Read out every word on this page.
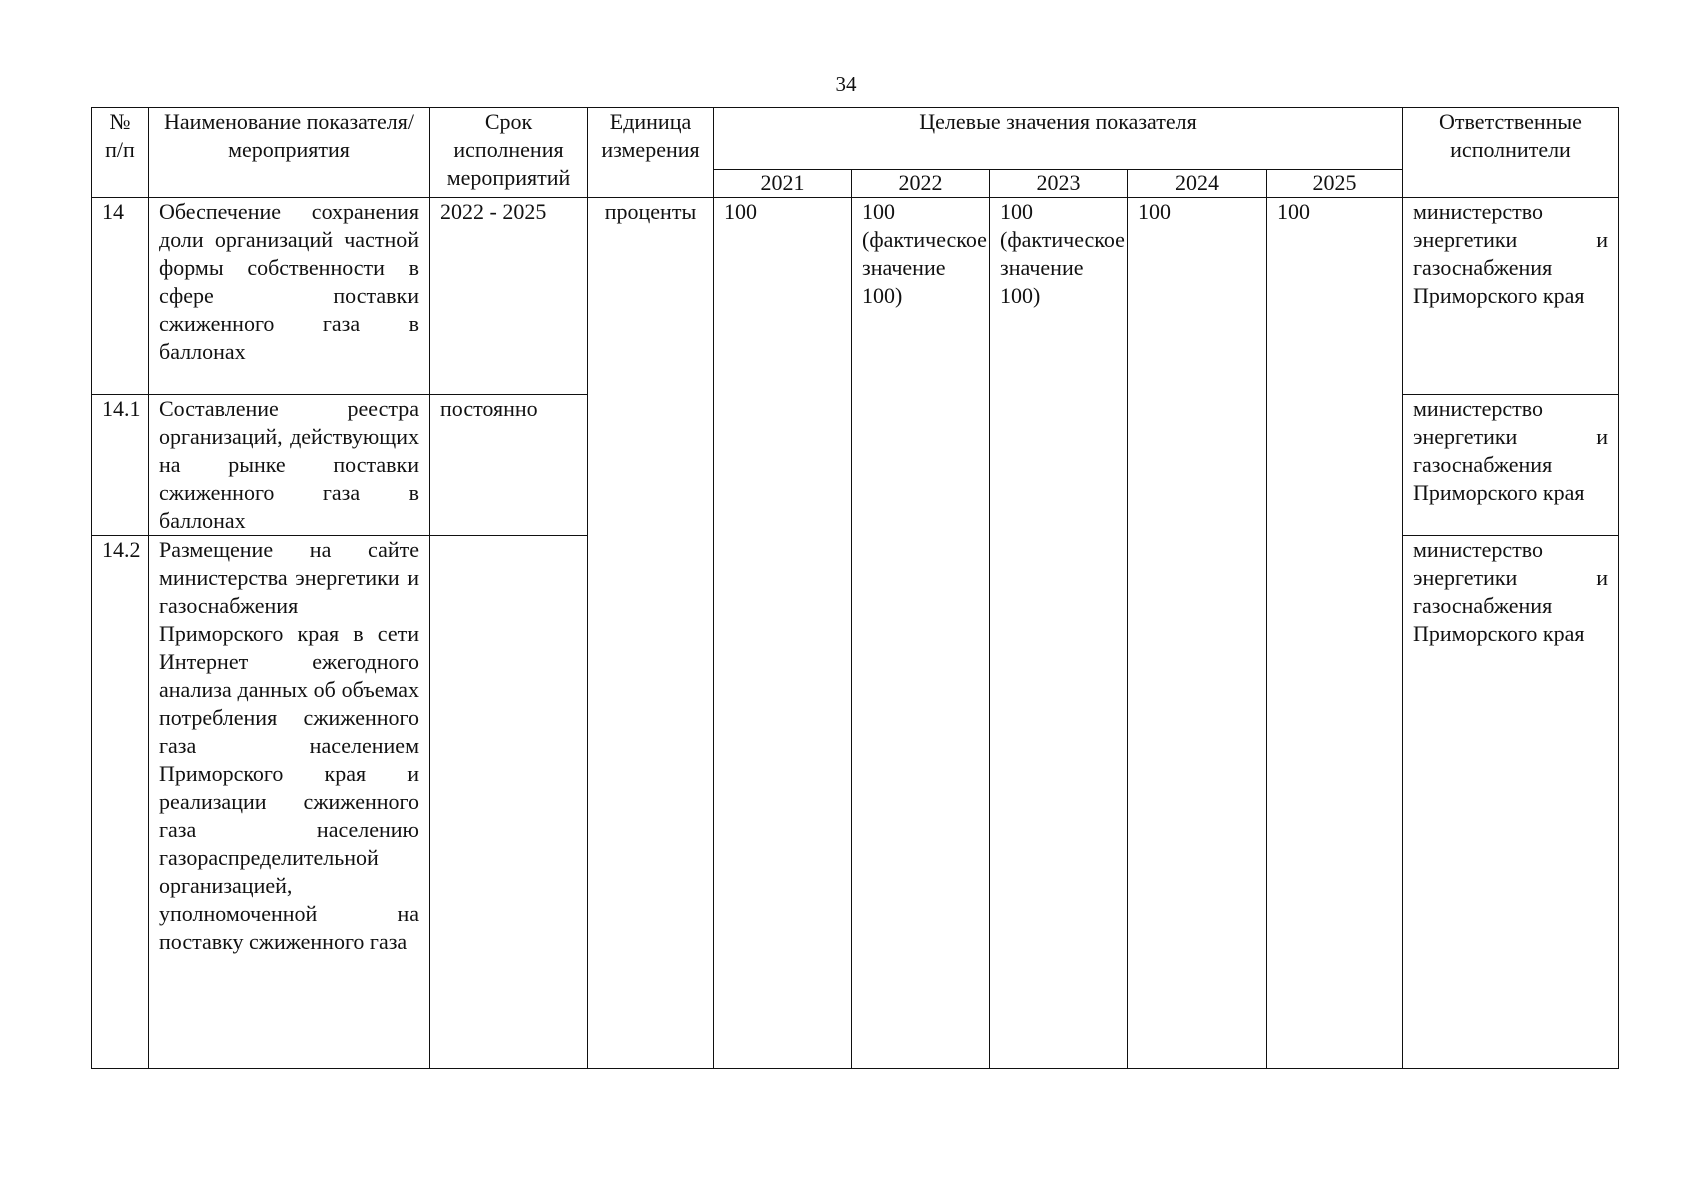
34
№ п/п	Наименование показателя/мероприятия	Срок исполнения мероприятий	Единица измерения	Целевые значения показателя					Ответственные исполнители
				2021	2022	2023	2024	2025	
14	Обеспечение сохранения доли организаций частной формы собственности в сфере поставки сжиженного газа в баллонах	2022 - 2025	проценты	100	100 (фактическое значение 100)	100 (фактическое значение 100)	100	100	министерство энергетики и газоснабжения Приморского края
14.1	Составление реестра организаций, действующих на рынке поставки сжиженного газа в баллонах	постоянно							министерство энергетики и газоснабжения Приморского края
14.2	Размещение на сайте министерства энергетики и газоснабжения Приморского края в сети Интернет ежегодного анализа данных об объемах потребления сжиженного газа населением Приморского края и реализации сжиженного газа населению газораспределительной организацией, уполномоченной на поставку сжиженного газа								министерство энергетики и газоснабжения Приморского края
